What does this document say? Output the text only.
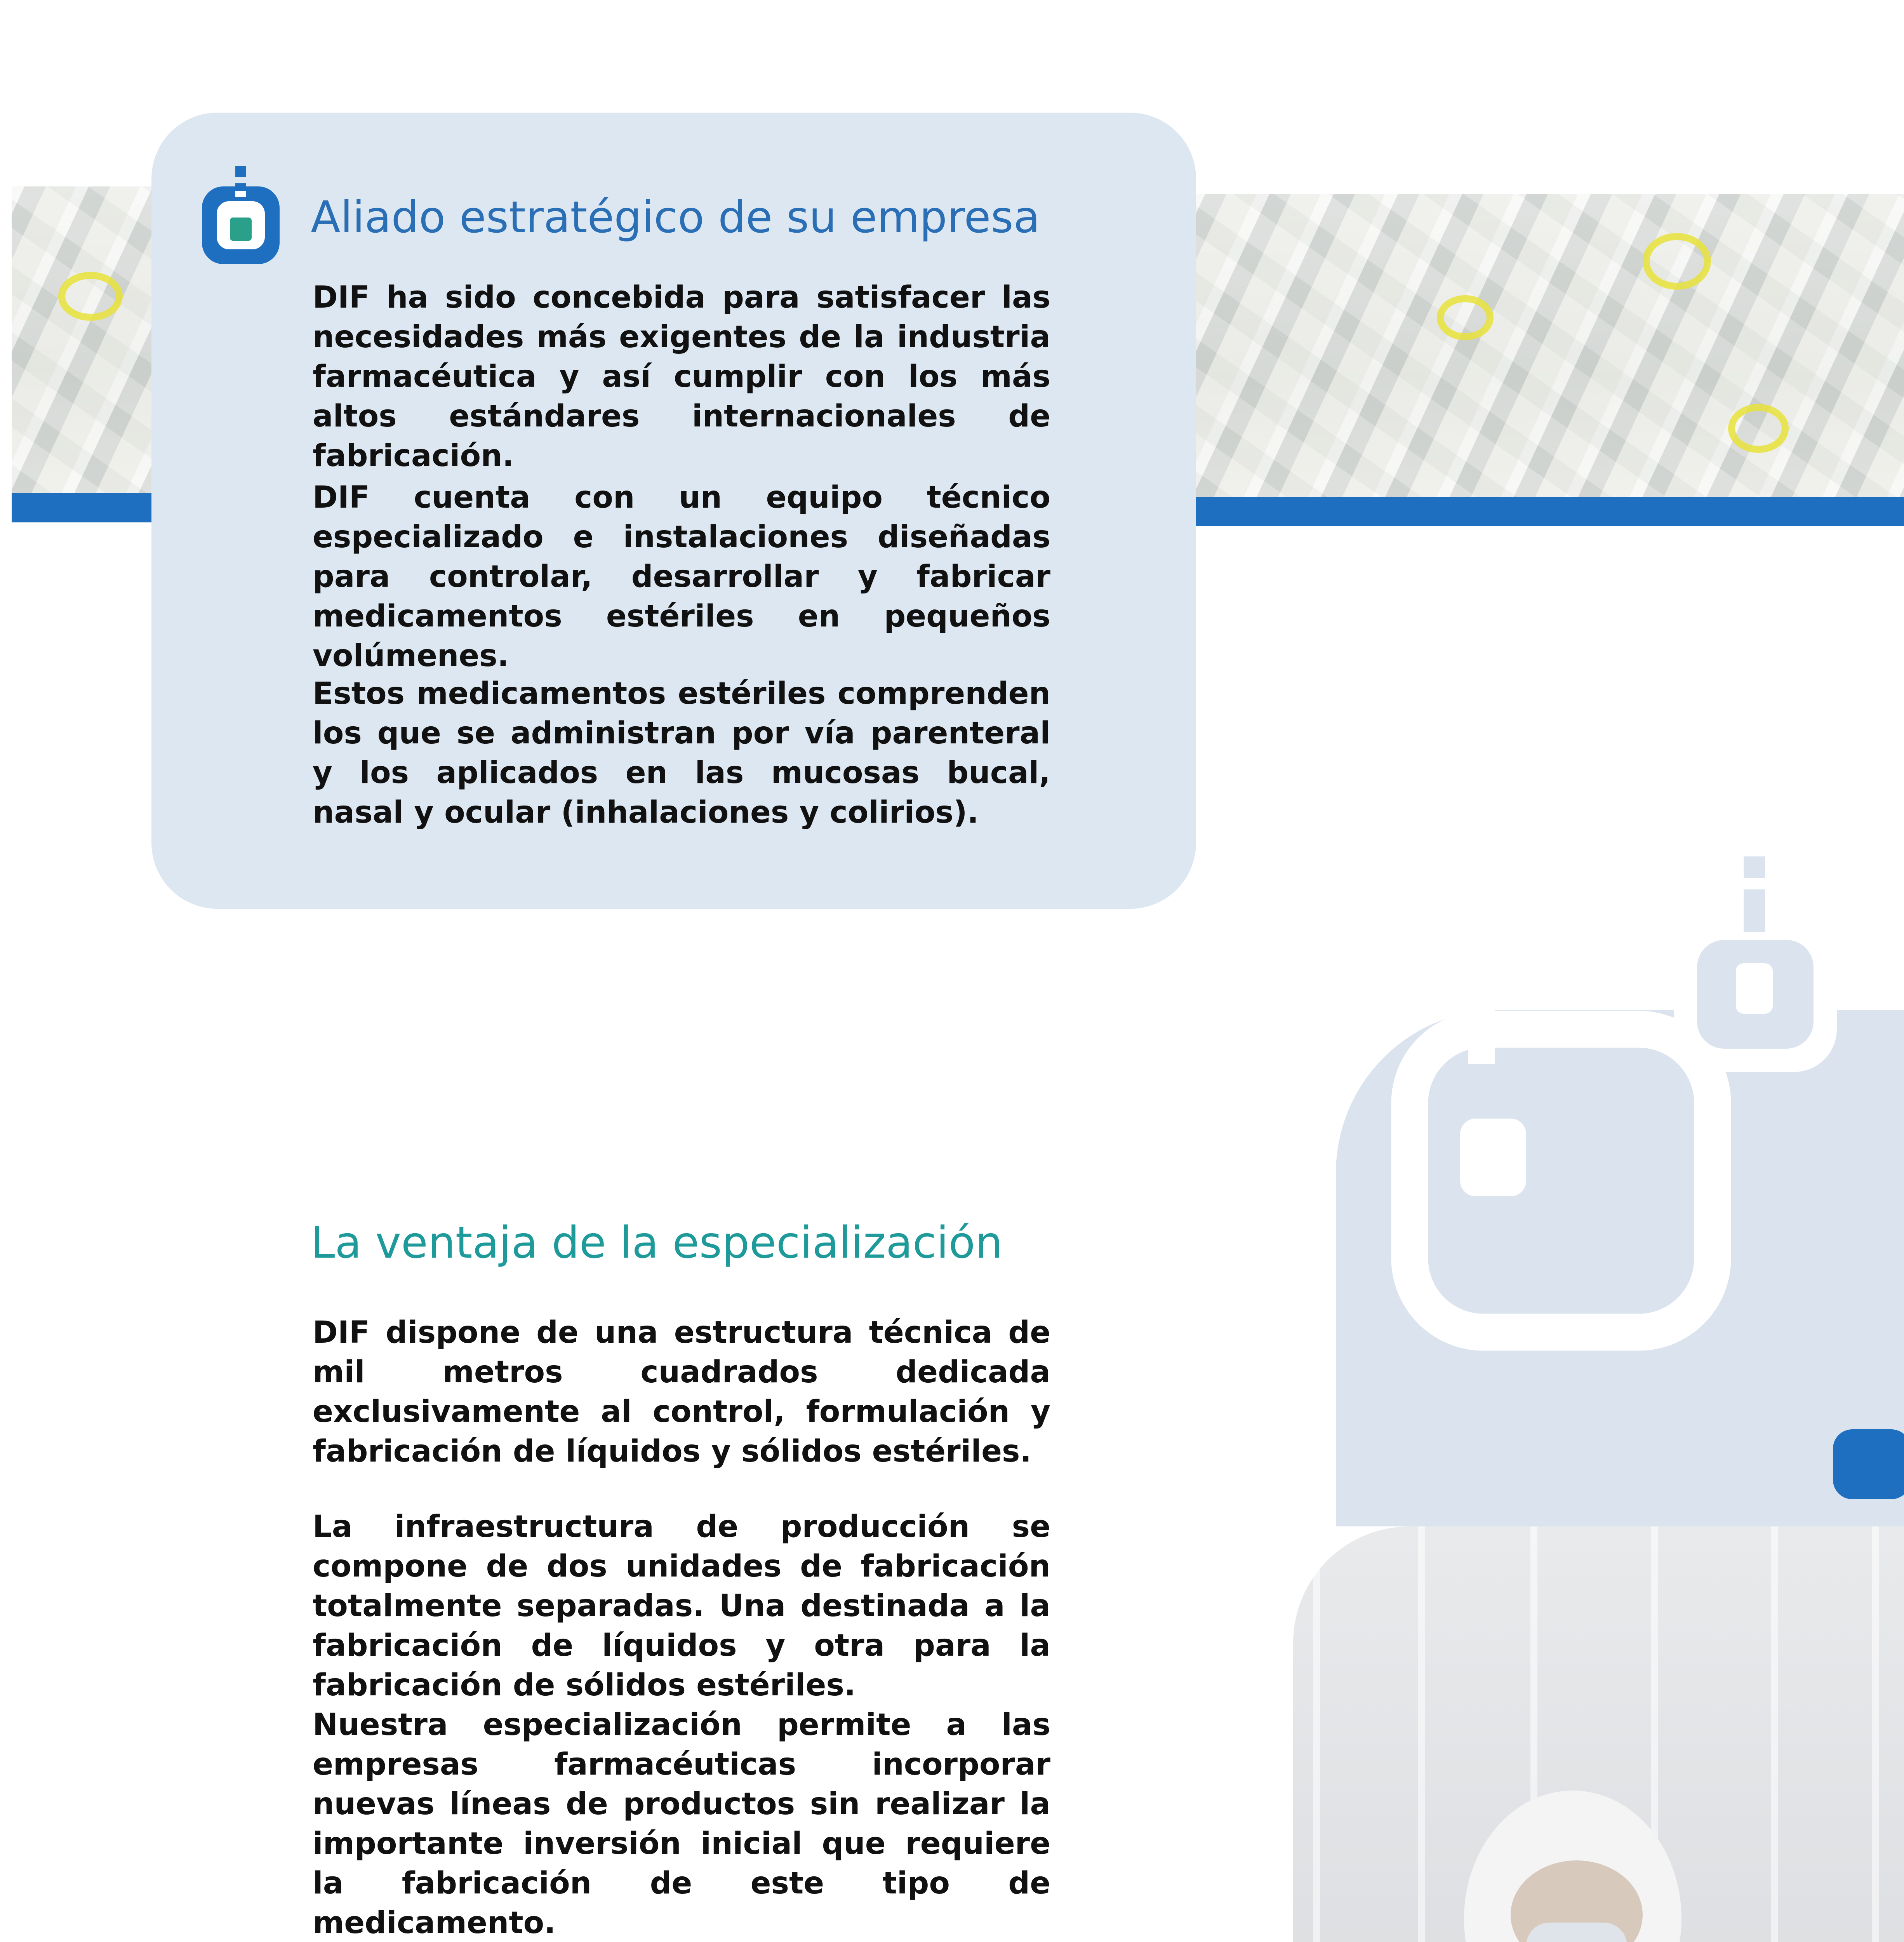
Aliado estratégico de su empresa

DIF ha sido concebida para satisfacer las necesidades más exigentes de la industria farmacéutica y así cumplir con los más altos estándares internacionales de fabricación.

DIF cuenta con un equipo técnico especializado e instalaciones diseñadas para controlar, desarrollar y fabricar medicamentos estériles en pequeños volúmenes.

Estos medicamentos estériles comprenden los que se administran por vía parenteral y los aplicados en las mucosas bucal, nasal y ocular (inhalaciones y colirios).

La ventaja de la especialización

DIF dispone de una estructura técnica de mil metros cuadrados dedicada exclusivamente al control, formulación y fabricación de líquidos y sólidos estériles.

La infraestructura de producción se compone de dos unidades de fabricación totalmente separadas. Una destinada a la fabricación de líquidos y otra para la fabricación de sólidos estériles.

Nuestra especialización permite a las empresas farmacéuticas incorporar nuevas líneas de productos sin realizar la importante inversión inicial que requiere la fabricación de este tipo de medicamento.
